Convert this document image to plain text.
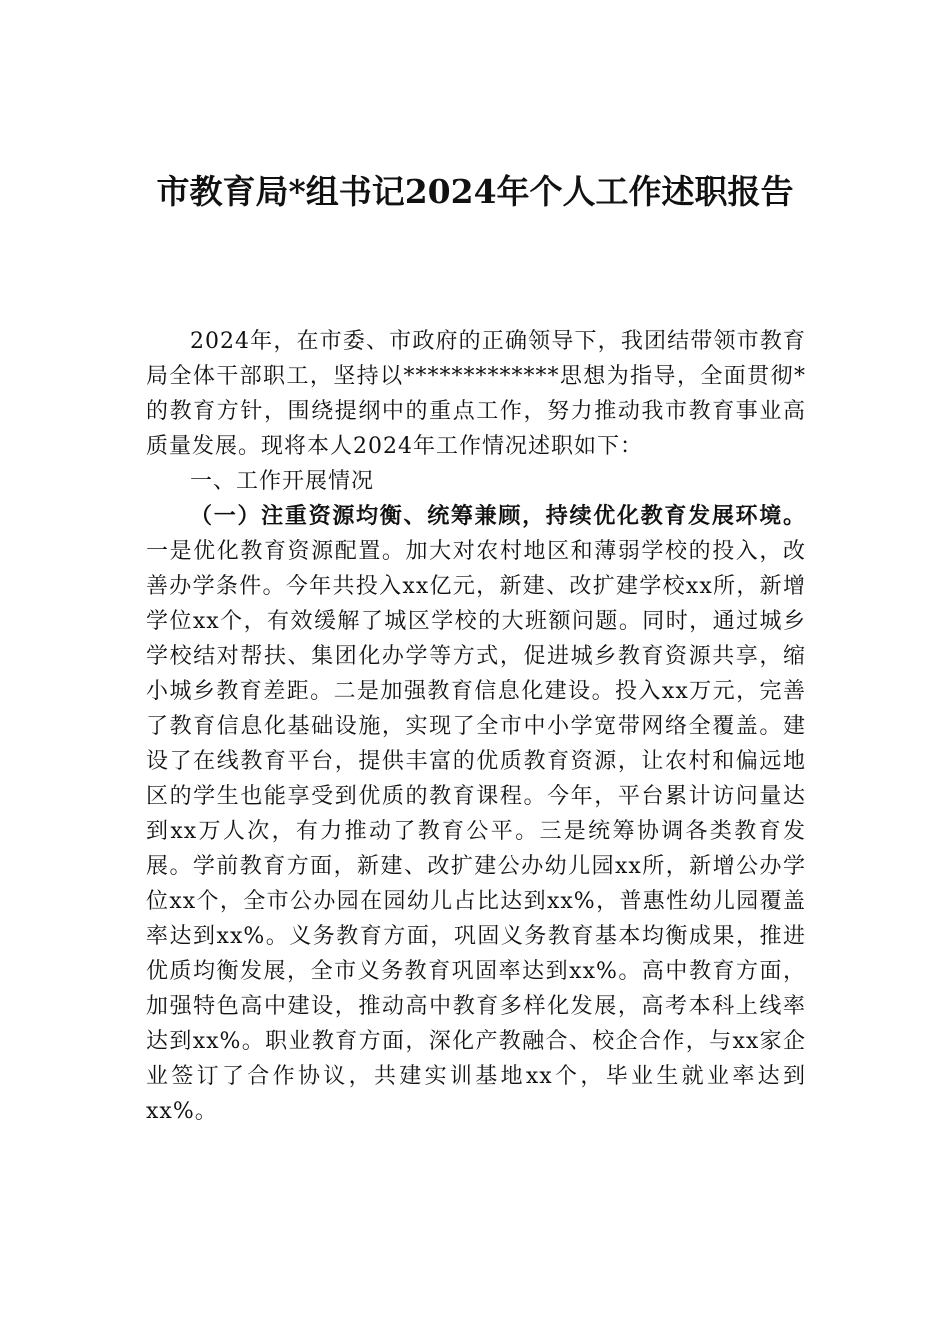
市教育局*组书记2024年个人工作述职报告

2024年，在市委、市政府的正确领导下，我团结带领市教育局全体干部职工，坚持以*************思想为指导，全面贯彻*的教育方针，围绕提纲中的重点工作，努力推动我市教育事业高质量发展。现将本人2024年工作情况述职如下：

一、工作开展情况

（一）注重资源均衡、统筹兼顾，持续优化教育发展环境。一是优化教育资源配置。加大对农村地区和薄弱学校的投入，改善办学条件。今年共投入xx亿元，新建、改扩建学校xx所，新增学位xx个，有效缓解了城区学校的大班额问题。同时，通过城乡学校结对帮扶、集团化办学等方式，促进城乡教育资源共享，缩小城乡教育差距。二是加强教育信息化建设。投入xx万元，完善了教育信息化基础设施，实现了全市中小学宽带网络全覆盖。建设了在线教育平台，提供丰富的优质教育资源，让农村和偏远地区的学生也能享受到优质的教育课程。今年，平台累计访问量达到xx万人次，有力推动了教育公平。三是统筹协调各类教育发展。学前教育方面，新建、改扩建公办幼儿园xx所，新增公办学位xx个，全市公办园在园幼儿占比达到xx%，普惠性幼儿园覆盖率达到xx%。义务教育方面，巩固义务教育基本均衡成果，推进优质均衡发展，全市义务教育巩固率达到xx%。高中教育方面，加强特色高中建设，推动高中教育多样化发展，高考本科上线率达到xx%。职业教育方面，深化产教融合、校企合作，与xx家企业签订了合作协议，共建实训基地xx个，毕业生就业率达到xx%。
